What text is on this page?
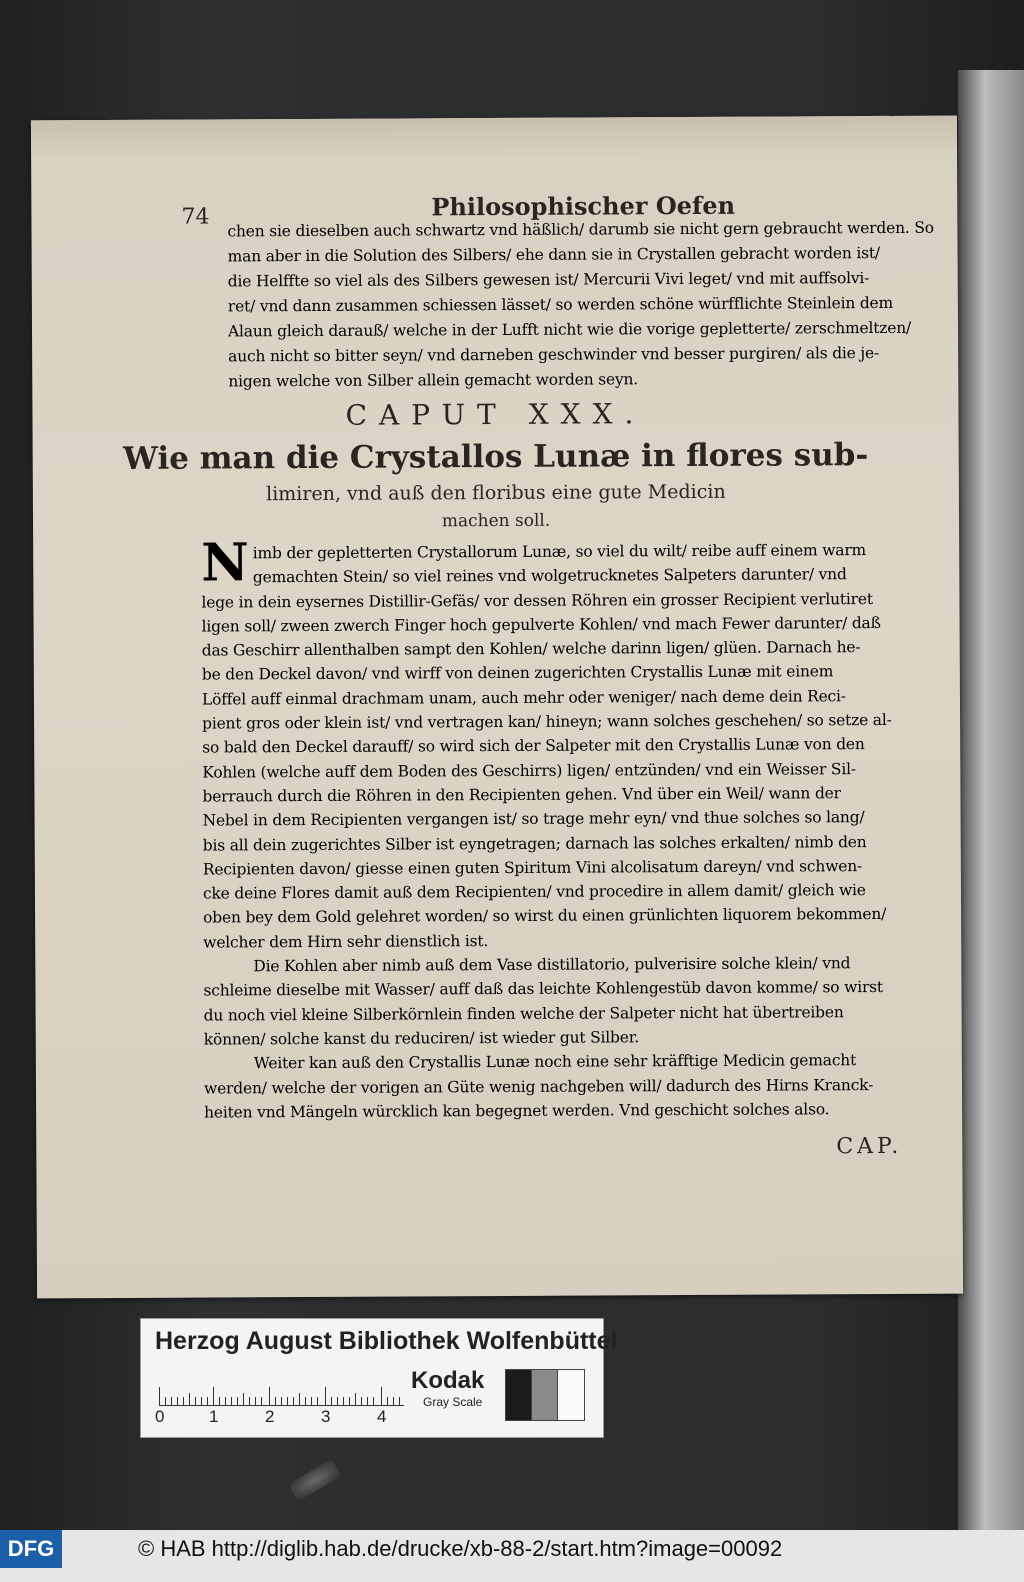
74	Philosophischer Oefen

chen sie dieselben auch schwartz vnd häßlich/ darumb sie nicht gern gebraucht werden. So

man aber in die Solution des Silbers/ ehe dann sie in Crystallen gebracht worden ist/

die Helffte so viel als des Silbers gewesen ist/ Mercurii Vivi leget/ vnd mit auffsolvi-

ret/ vnd dann zusammen schiessen lässet/ so werden schöne würfflichte Steinlein dem

Alaun gleich darauß/ welche in der Lufft nicht wie die vorige gepletterte/ zerschmeltzen/

auch nicht so bitter seyn/ vnd darneben geschwinder vnd besser purgiren/ als die je-

nigen welche von Silber allein gemacht worden seyn.

CAPUT XXX.
Wie man die Crystallos Lunæ in flores sub-
limiren, vnd auß den floribus eine gute Medicin
machen soll.
N imb der gepletterten Crystallorum Lunæ, so viel du wilt/ reibe auff einem warm

gemachten Stein/ so viel reines vnd wolgetrucknetes Salpeters darunter/ vnd

lege in dein eysernes Distillir-Gefäs/ vor dessen Röhren ein grosser Recipient verlutiret

ligen soll/ zween zwerch Finger hoch gepulverte Kohlen/ vnd mach Fewer darunter/ daß

das Geschirr allenthalben sampt den Kohlen/ welche darinn ligen/ glüen. Darnach he-

be den Deckel davon/ vnd wirff von deinen zugerichten Crystallis Lunæ mit einem

Löffel auff einmal drachmam unam, auch mehr oder weniger/ nach deme dein Reci-

pient gros oder klein ist/ vnd vertragen kan/ hineyn; wann solches geschehen/ so setze al-

so bald den Deckel darauff/ so wird sich der Salpeter mit den Crystallis Lunæ von den

Kohlen (welche auff dem Boden des Geschirrs) ligen/ entzünden/ vnd ein Weisser Sil-

berrauch durch die Röhren in den Recipienten gehen. Vnd über ein Weil/ wann der

Nebel in dem Recipienten vergangen ist/ so trage mehr eyn/ vnd thue solches so lang/

bis all dein zugerichtes Silber ist eyngetragen; darnach las solches erkalten/ nimb den

Recipienten davon/ giesse einen guten Spiritum Vini alcolisatum dareyn/ vnd schwen-

cke deine Flores damit auß dem Recipienten/ vnd procedire in allem damit/ gleich wie

oben bey dem Gold gelehret worden/ so wirst du einen grünlichten liquorem bekommen/

welcher dem Hirn sehr dienstlich ist.

Die Kohlen aber nimb auß dem Vase distillatorio, pulverisire solche klein/ vnd

schleime dieselbe mit Wasser/ auff daß das leichte Kohlengestüb davon komme/ so wirst

du noch viel kleine Silberkörnlein finden welche der Salpeter nicht hat übertreiben

können/ solche kanst du reduciren/ ist wieder gut Silber.

Weiter kan auß den Crystallis Lunæ noch eine sehr kräfftige Medicin gemacht

werden/ welche der vorigen an Güte wenig nachgeben will/ dadurch des Hirns Kranck-

heiten vnd Mängeln würcklich kan begegnet werden. Vnd geschicht solches also.

CAP.
Herzog August Bibliothek Wolfenbüttel
0	1	2	3	4
Kodak
Gray Scale
DFG	© HAB http://diglib.hab.de/drucke/xb-88-2/start.htm?image=00092
